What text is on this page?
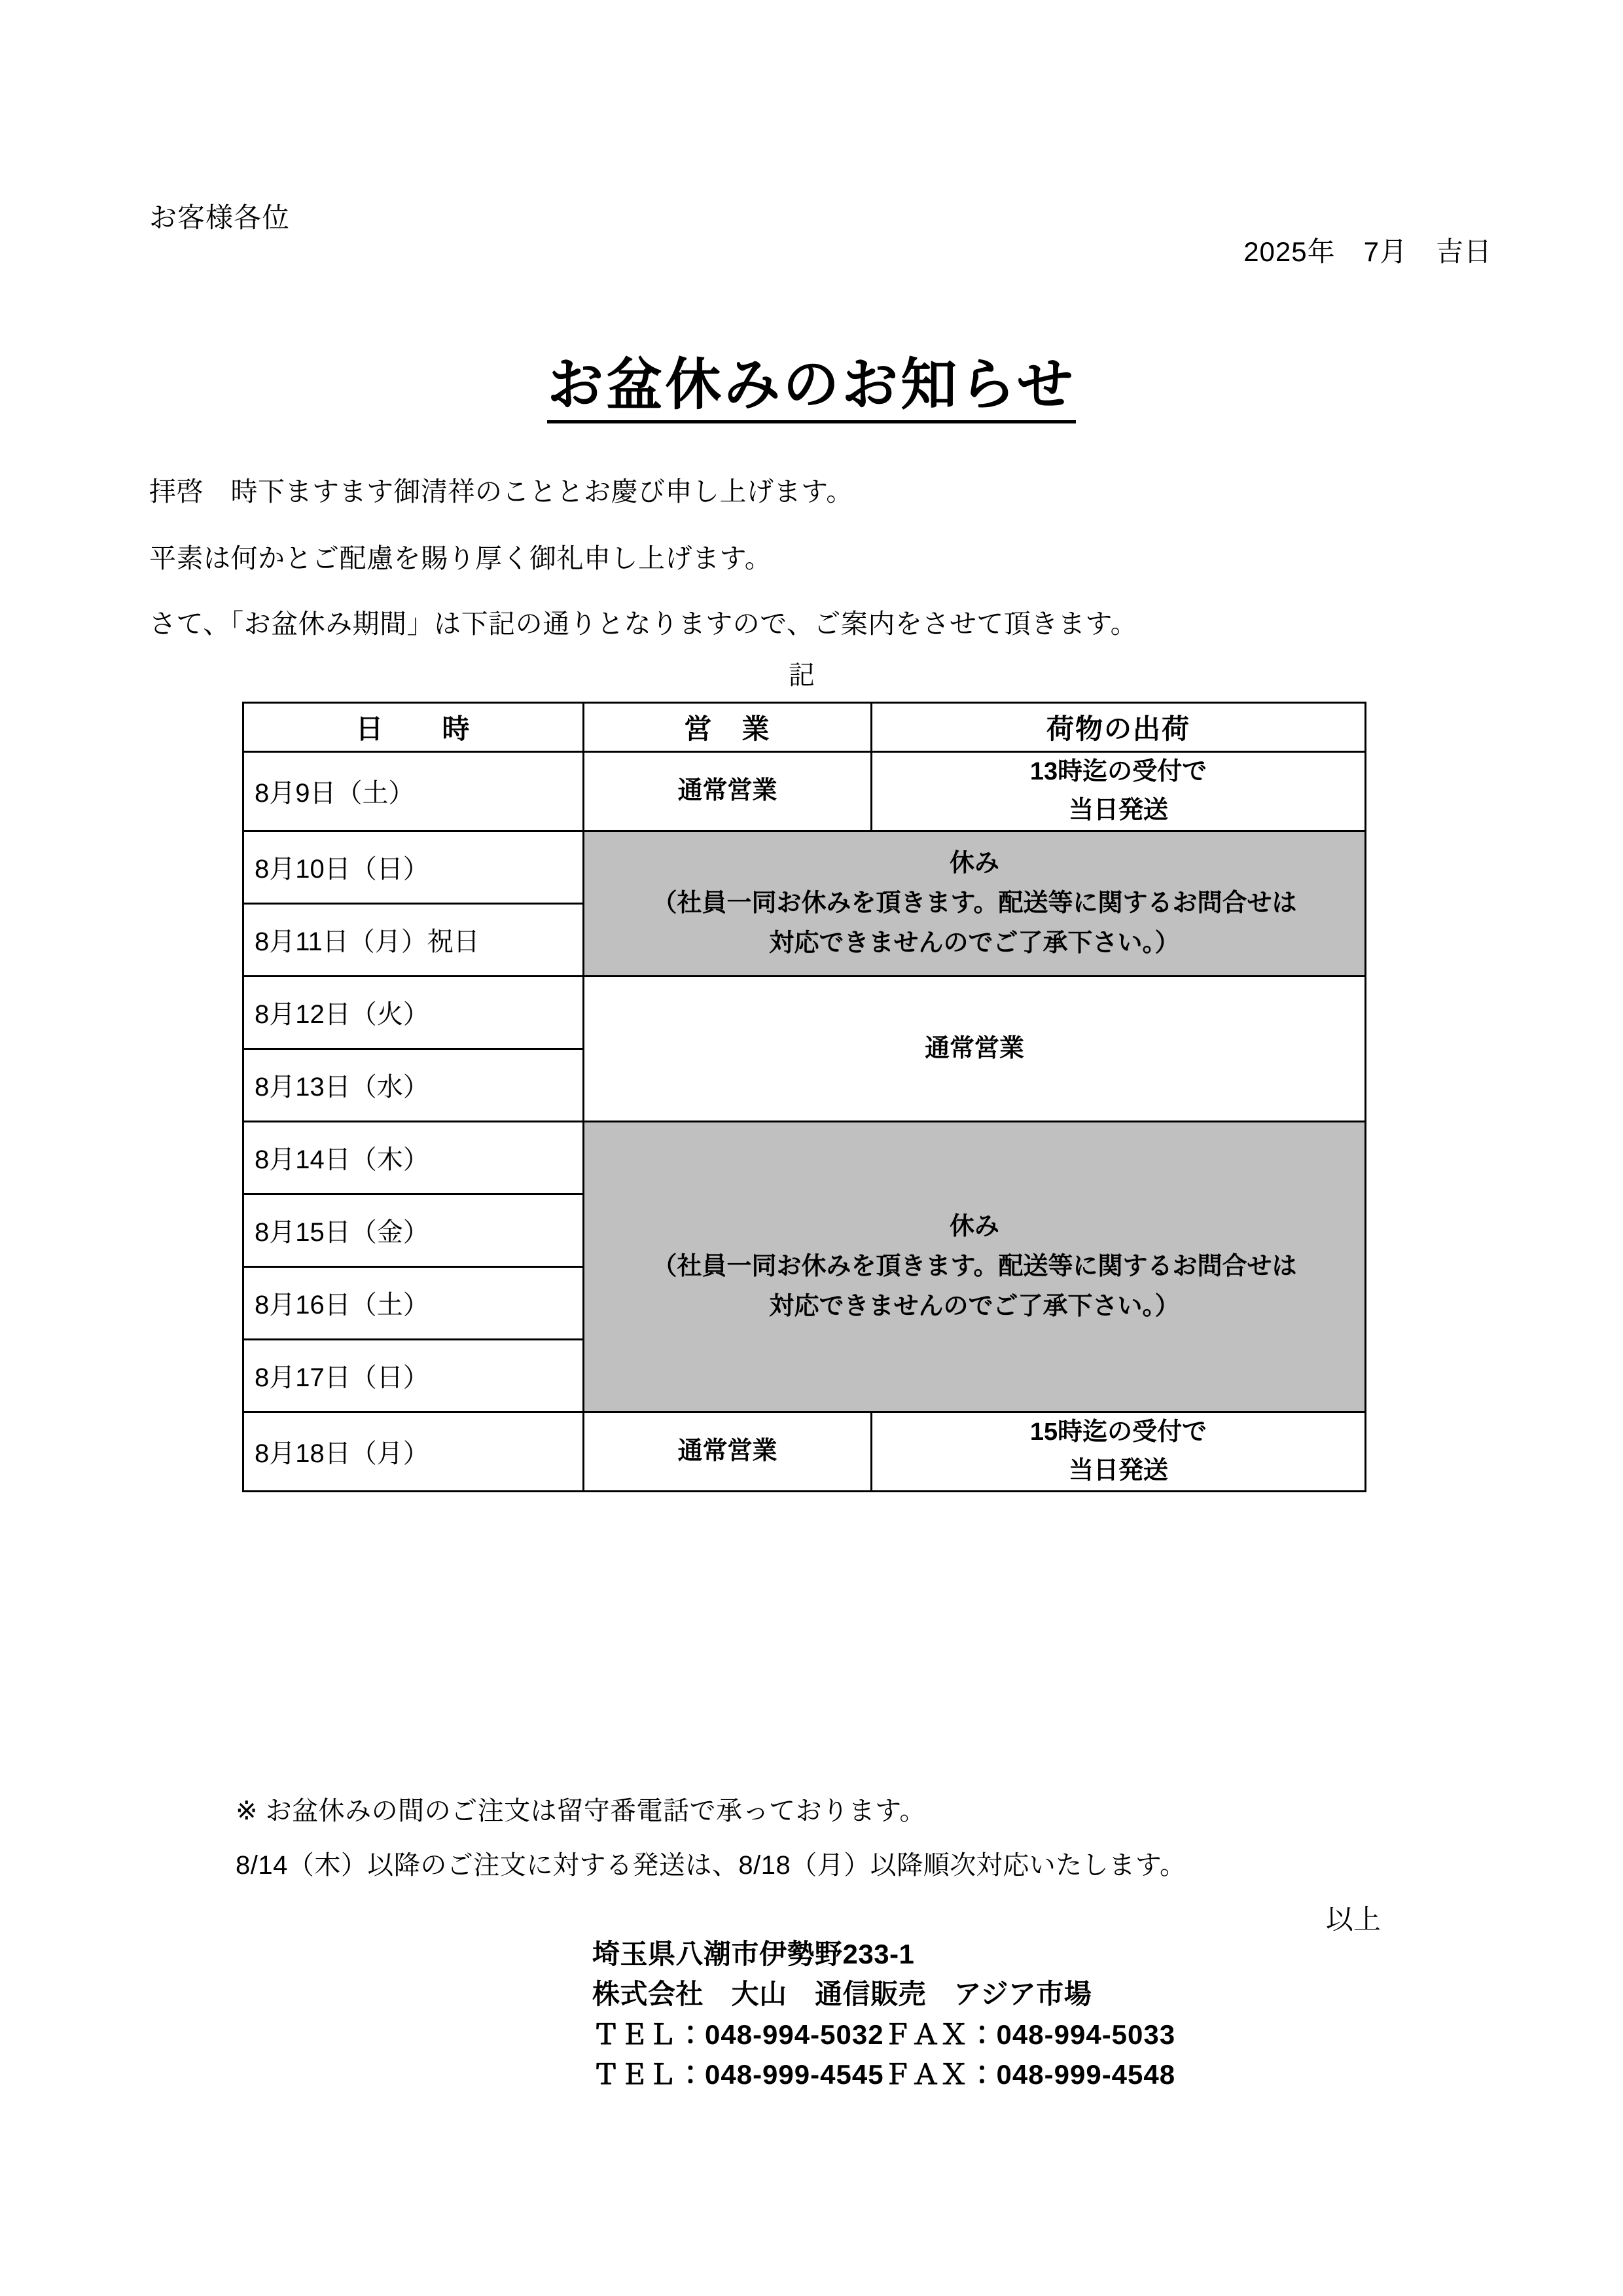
お客様各位
2025年　7月　吉日
お盆休みのお知らせ
拝啓　時下ますます御清祥のこととお慶び申し上げます。
平素は何かとご配慮を賜り厚く御礼申し上げます。
さて、「お盆休み期間」は下記の通りとなりますので、ご案内をさせて頂きます。
記
日　　時	営　業	荷物の出荷
8月9日（土）	通常営業	13時迄の受付で
当日発送

8月10日（日）	休み
（社員一同お休みを頂きます。配送等に関するお問合せは
対応できませんのでご了承下さい。）	

8月11日（月）祝日		
8月12日（火）	通常営業	
8月13日（水）		
8月14日（木）	休み
（社員一同お休みを頂きます。配送等に関するお問合せは
対応できませんのでご了承下さい。）	

8月15日（金）		
8月16日（土）		
8月17日（日）		
8月18日（月）	通常営業	15時迄の受付で
当日発送
※ お盆休みの間のご注文は留守番電話で承っております。
8/14（木）以降のご注文に対する発送は、8/18（月）以降順次対応いたします。
以上
埼玉県八潮市伊勢野233-1
株式会社　大山　通信販売　アジア市場
ＴＥＬ：048-994-5032ＦＡＸ：048-994-5033
ＴＥＬ：048-999-4545ＦＡＸ：048-999-4548
